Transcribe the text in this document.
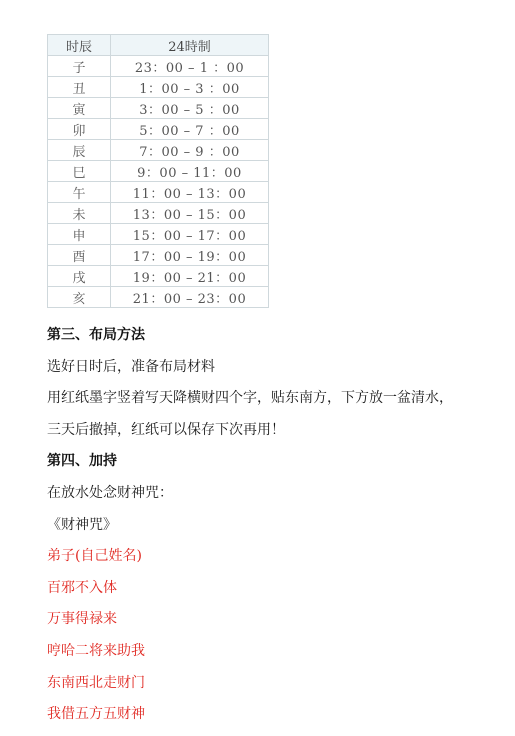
时辰	24時制
子	23：00 – 1 ：00
丑	1：00 – 3 ：00
寅	3：00 – 5 ：00
卯	5：00 – 7 ：00
辰	7：00 – 9 ：00
巳	9：00 – 11：00
午	11：00 – 13：00
未	13：00 – 15：00
申	15：00 – 17：00
酉	17：00 – 19：00
戌	19：00 – 21：00
亥	21：00 – 23：00
第三、布局方法
选好日时后，准备布局材料
用红纸墨字竖着写天降横财四个字，贴东南方，下方放一盆清水，
三天后撤掉，红纸可以保存下次再用！
第四、加持
在放水处念财神咒：
《财神咒》
弟子(自己姓名)
百邪不入体
万事得禄来
哼哈二将来助我
东南西北走财门
我借五方五财神
